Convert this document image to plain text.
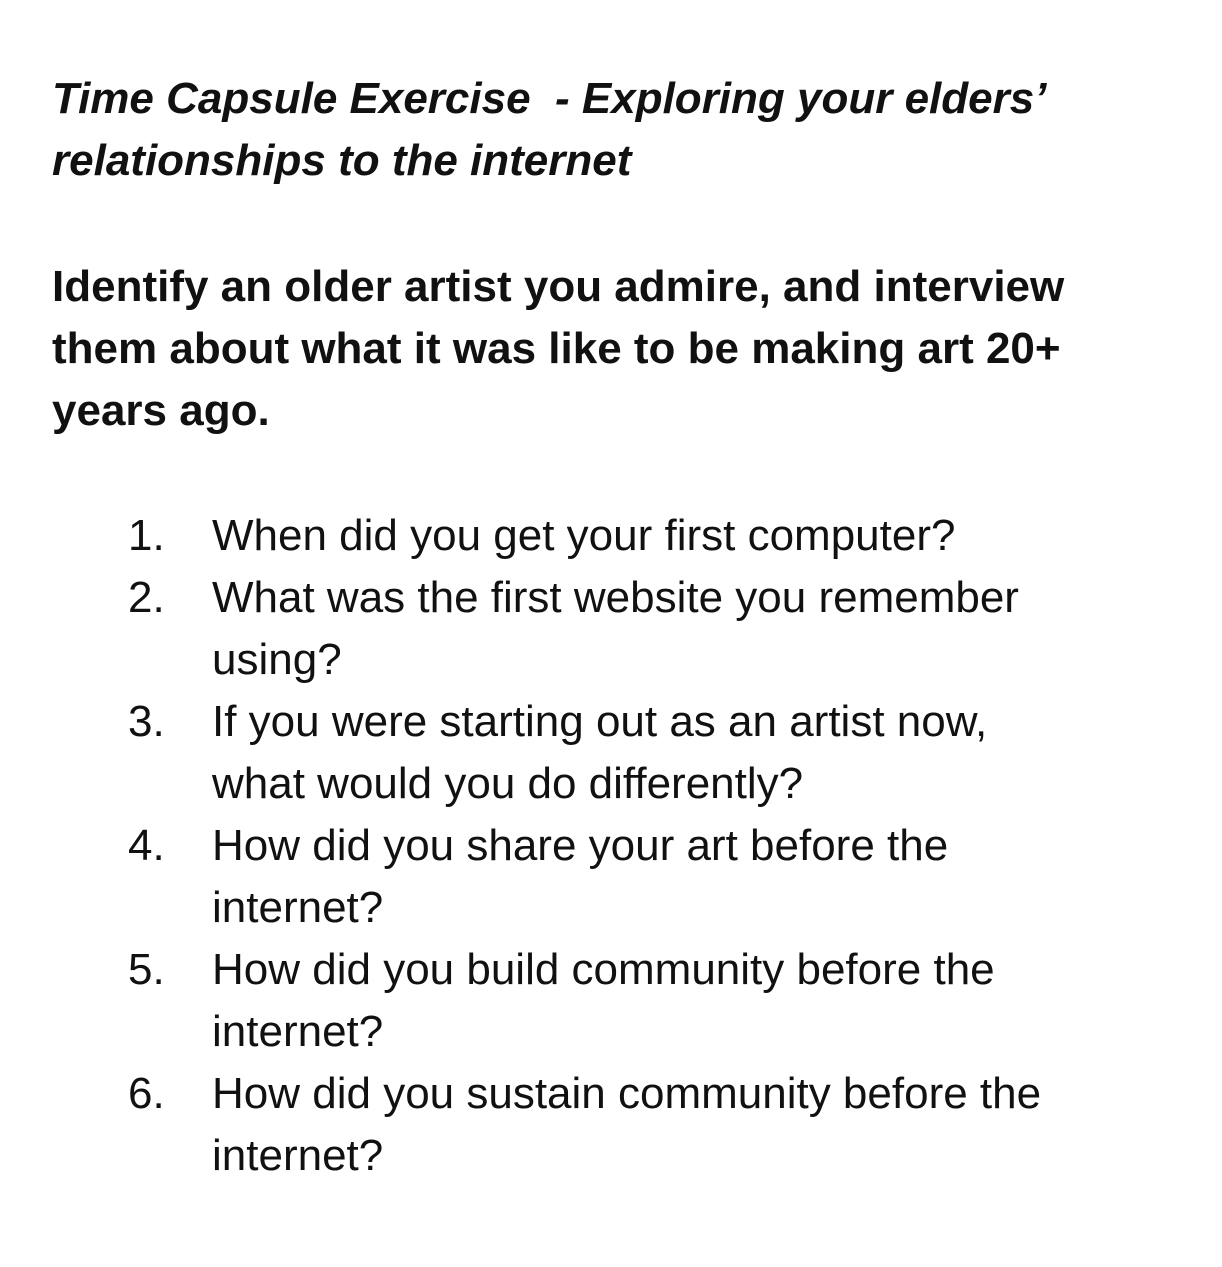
Time Capsule Exercise  - Exploring your elders’
relationships to the internet

Identify an older artist you admire, and interview
them about what it was like to be making art 20+
years ago.

1. When did you get your first computer?
2. What was the first website you remember
using?
3. If you were starting out as an artist now,
what would you do differently?
4. How did you share your art before the
internet?
5. How did you build community before the
internet?
6. How did you sustain community before the
internet?
